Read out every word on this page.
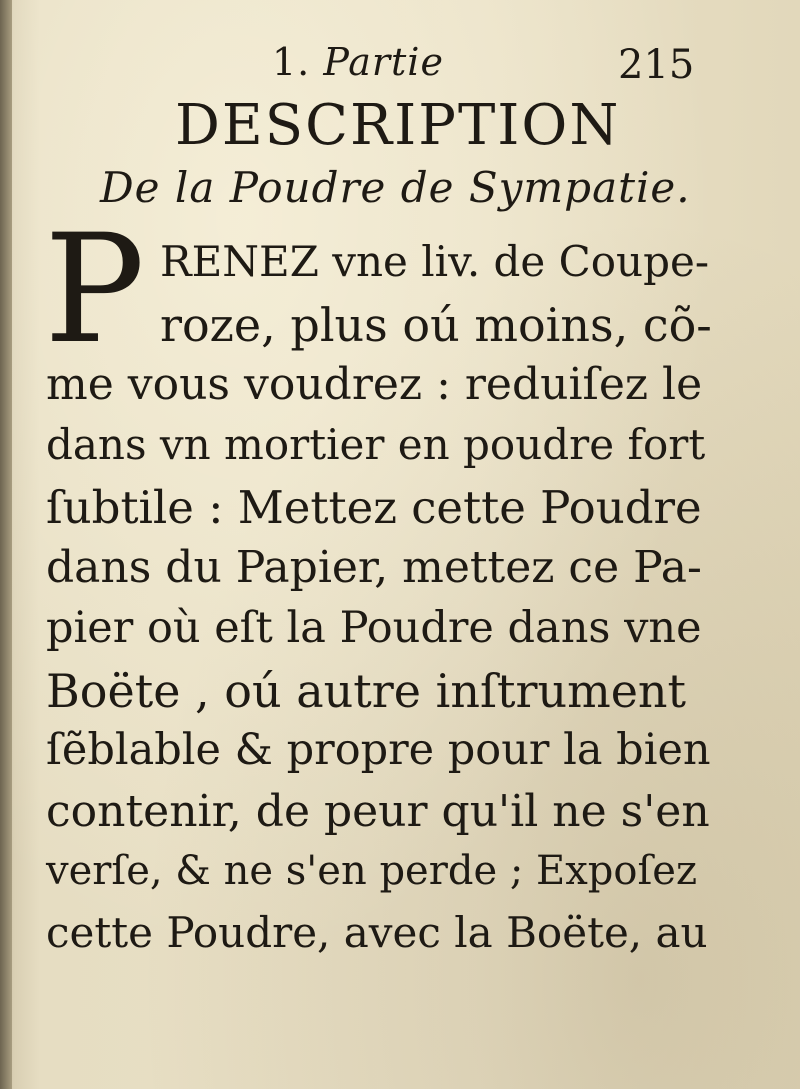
1. Partie	215
DESCRIPTION
De la Poudre de Sympatie.
P RENEZ vne liv. de Coupe-
roze, plus oú moins, cõ-
me vous voudrez : reduiſez le
dans vn mortier en poudre fort
ſubtile : Mettez cette Poudre
dans du Papier, mettez ce Pa-
pier où eſt la Poudre dans vne
Boëte , oú autre inſtrument
ſẽblable & propre pour la bien
contenir, de peur qu'il ne s'en
verſe, & ne s'en perde ; Expoſez
cette Poudre, avec la Boëte, au
